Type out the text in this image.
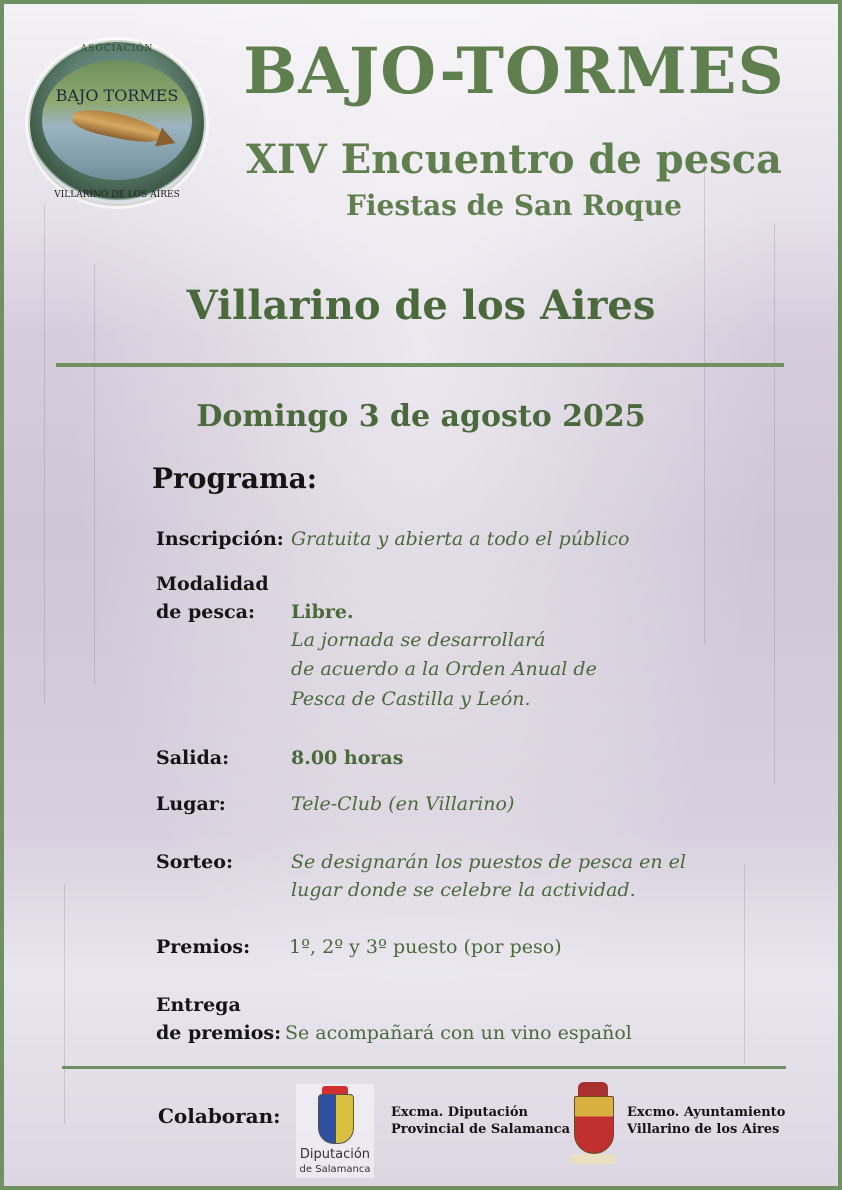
ASOCIACIÓN
BAJO TORMES
VILLARINO DE LOS AIRES
BAJO-TORMES
XIV Encuentro de pesca
Fiestas de San Roque
Villarino de los Aires
Domingo 3 de agosto 2025
Programa:
Inscripción: Gratuita y abierta a todo el público
Modalidad
de pesca: Libre.
La jornada se desarrollará
de acuerdo a la Orden Anual de
Pesca de Castilla y León.
Salida:	8.00 horas
Lugar:	Tele-Club (en Villarino)
Sorteo:	Se designarán los puestos de pesca en el
lugar donde se celebre la actividad.
Premios: 1º, 2º y 3º puesto (por peso)
Entrega
de premios: Se acompañará con un vino español
Colaboran:
Diputación
de Salamanca
Excma. Diputación
Provincial de Salamanca
Excmo. Ayuntamiento
Villarino de los Aires
